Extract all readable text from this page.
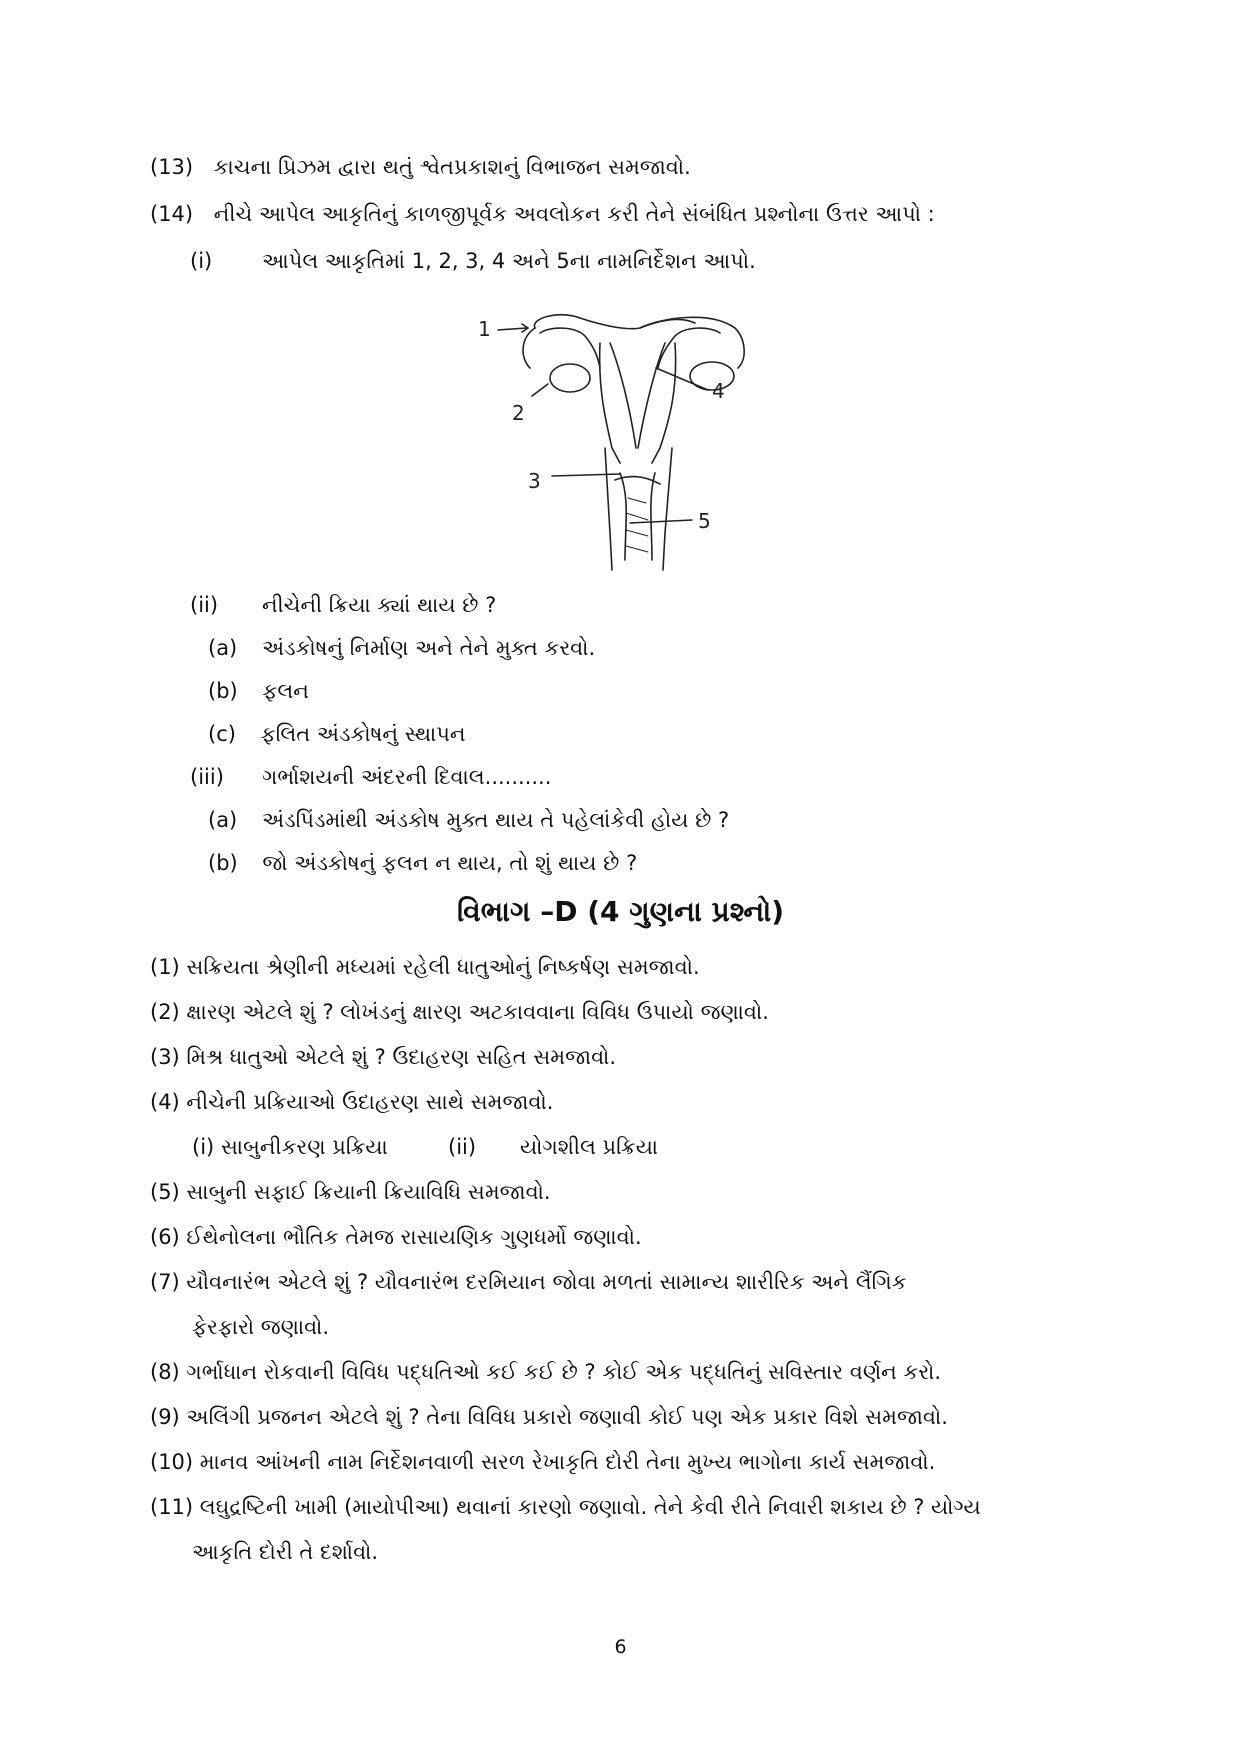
(13) કાચના પ્રિઝમ દ્વારા થતું શ્વેતપ્રકાશનું વિભાજન સમજાવો.
(14) નીચે આપેલ આકૃતિનું કાળજીપૂર્વક અવલોકન કરી તેને સંબંધિત પ્રશ્નોના ઉત્તર આપો :
(i) આપેલ આકૃતિમાં 1, 2, 3, 4 અને 5ના નામનિર્દેશન આપો.
1
2
3
4
5
(ii) નીચેની ક્રિયા ક્યાં થાય છે ?
(a) અંડકોષનું નિર્માણ અને તેને મુક્ત કરવો.
(b) ફલન
(c) ફલિત અંડકોષનું સ્થાપન
(iii) ગર્ભાશયની અંદરની દિવાલ..........
(a) અંડપિંડમાંથી અંડકોષ મુક્ત થાય તે પહેલાંકેવી હોય છે ?
(b) જો અંડકોષનું ફલન ન થાય, તો શું થાય છે ?
વિભાગ –D (4 ગુણના પ્રશ્નો)
(1) સક્રિયતા શ્રેણીની મધ્યમાં રહેલી ધાતુઓનું નિષ્કર્ષણ સમજાવો.
(2) ક્ષારણ એટલે શું ? લોખંડનું ક્ષારણ અટકાવવાના વિવિધ ઉપાયો જણાવો.
(3) મિશ્ર ધાતુઓ એટલે શું ? ઉદાહરણ સહિત સમજાવો.
(4) નીચેની પ્રક્રિયાઓ ઉદાહરણ સાથે સમજાવો.
(i) સાબુનીકરણ પ્રક્રિયા	(ii) યોગશીલ પ્રક્રિયા
(5) સાબુની સફાઈ ક્રિયાની ક્રિયાવિધિ સમજાવો.
(6) ઈથેનોલના ભૌતિક તેમજ રાસાયણિક ગુણધર્મો જણાવો.
(7) યૌવનારંભ એટલે શું ? યૌવનારંભ દરમિયાન જોવા મળતાં સામાન્ય શારીરિક અને લૈંગિક
ફેરફારો જણાવો.
(8) ગર્ભાધાન રોકવાની વિવિધ પદ્ધતિઓ કઈ કઈ છે ? કોઈ એક પદ્ધતિનું સવિસ્તાર વર્ણન કરો.
(9) અલિંગી પ્રજનન એટલે શું ? તેના વિવિધ પ્રકારો જણાવી કોઈ પણ એક પ્રકાર વિશે સમજાવો.
(10) માનવ આંખની નામ નિર્દેશનવાળી સરળ રેખાકૃતિ દોરી તેના મુખ્ય ભાગોના કાર્ય સમજાવો.
(11) લઘુદ્રષ્ટિની ખામી (માયોપીઆ) થવાનાં કારણો જણાવો. તેને કેવી રીતે નિવારી શકાય છે ? યોગ્ય
આકૃતિ દોરી તે દર્શાવો.
6
